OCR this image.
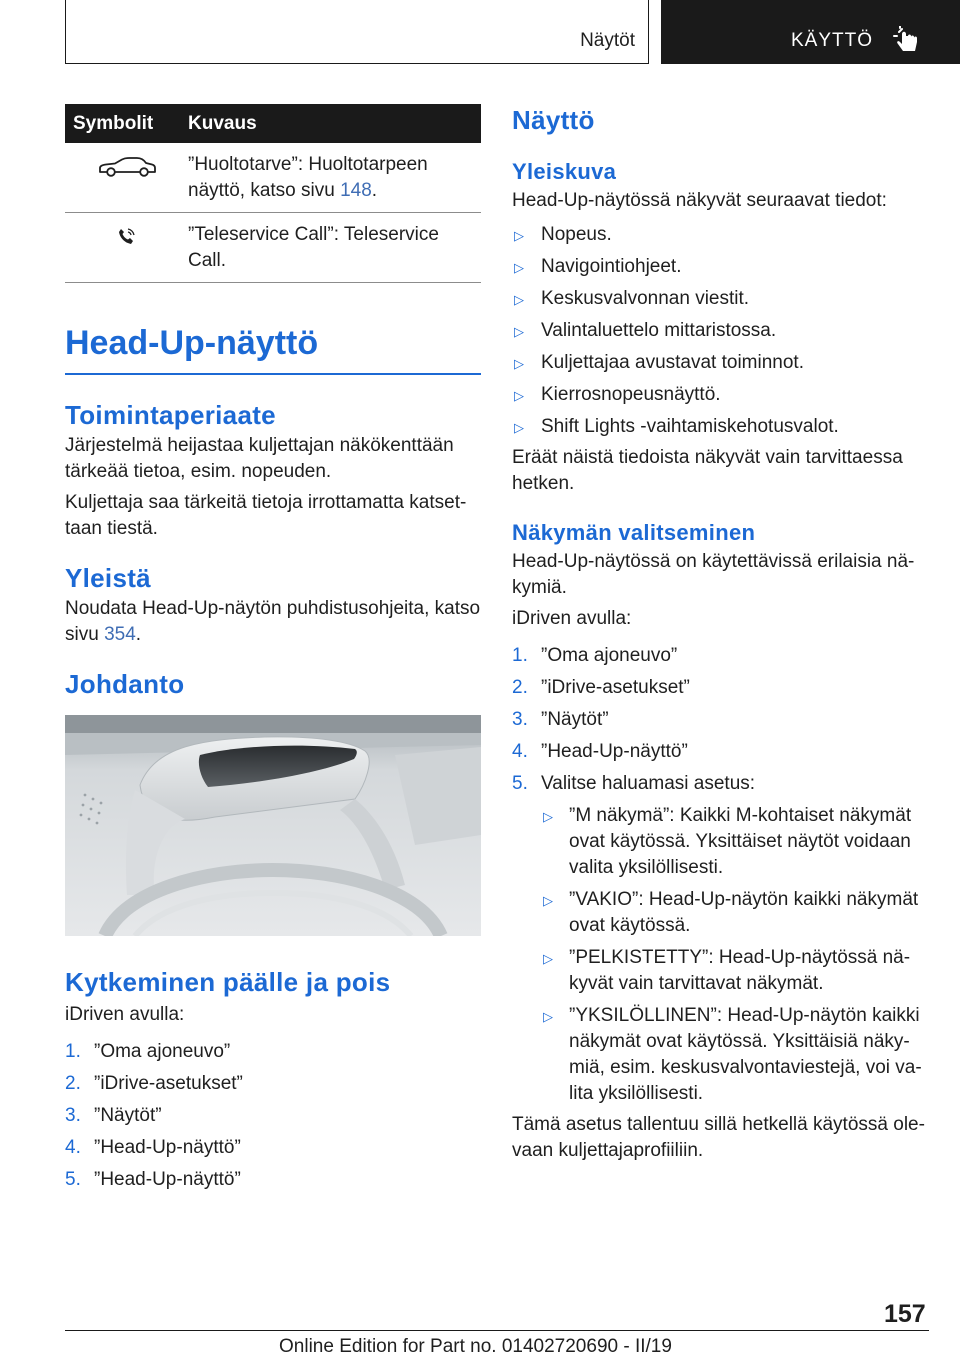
Näytöt	KÄYTTÖ
Symbolit	Kuvaus
	”Huoltotarve”: Huoltotarpeen näyttö, katso sivu 148.
	”Teleservice Call”: Teleservice Call.
Head-Up-näyttö
Toimintaperiaate
Järjestelmä heijastaa kuljettajan näkökenttään tärkeää tietoa, esim. nopeuden.
Kuljettaja saa tärkeitä tietoja irrottamatta katsettaan tiestä.
Yleistä
Noudata Head-Up-näytön puhdistusohjeita, katso sivu 354.
Johdanto
Kytkeminen päälle ja pois
iDriven avulla:
1. ”Oma ajoneuvo”
2. ”iDrive-asetukset”
3. ”Näytöt”
4. ”Head-Up-näyttö”
5. ”Head-Up-näyttö”
Näyttö
Yleiskuva
Head-Up-näytössä näkyvät seuraavat tiedot:
▷ Nopeus.
▷ Navigointiohjeet.
▷ Keskusvalvonnan viestit.
▷ Valintaluettelo mittaristossa.
▷ Kuljettajaa avustavat toiminnot.
▷ Kierrosnopeusnäyttö.
▷ Shift Lights -vaihtamiskehotusvalot.
Eräät näistä tiedoista näkyvät vain tarvittaessa hetken.
Näkymän valitseminen
Head-Up-näytössä on käytettävissä erilaisia näkymiä.
iDriven avulla:
1. ”Oma ajoneuvo”
2. ”iDrive-asetukset”
3. ”Näytöt”
4. ”Head-Up-näyttö”
5. Valitse haluamasi asetus:
▷ ”M näkymä”: Kaikki M-kohtaiset näkymät ovat käytössä. Yksittäiset näytöt voidaan valita yksilöllisesti.
▷ ”VAKIO”: Head-Up-näytön kaikki näkymät ovat käytössä.
▷ ”PELKISTETTY”: Head-Up-näytössä näkyvät vain tarvittavat näkymät.
▷ ”YKSILÖLLINEN”: Head-Up-näytön kaikki näkymät ovat käytössä. Yksittäisiä näkymiä, esim. keskusvalvontaviestejä, voi valita yksilöllisesti.
Tämä asetus tallentuu sillä hetkellä käytössä olevaan kuljettajaprofiiliin.
157
Online Edition for Part no. 01402720690 - II/19
